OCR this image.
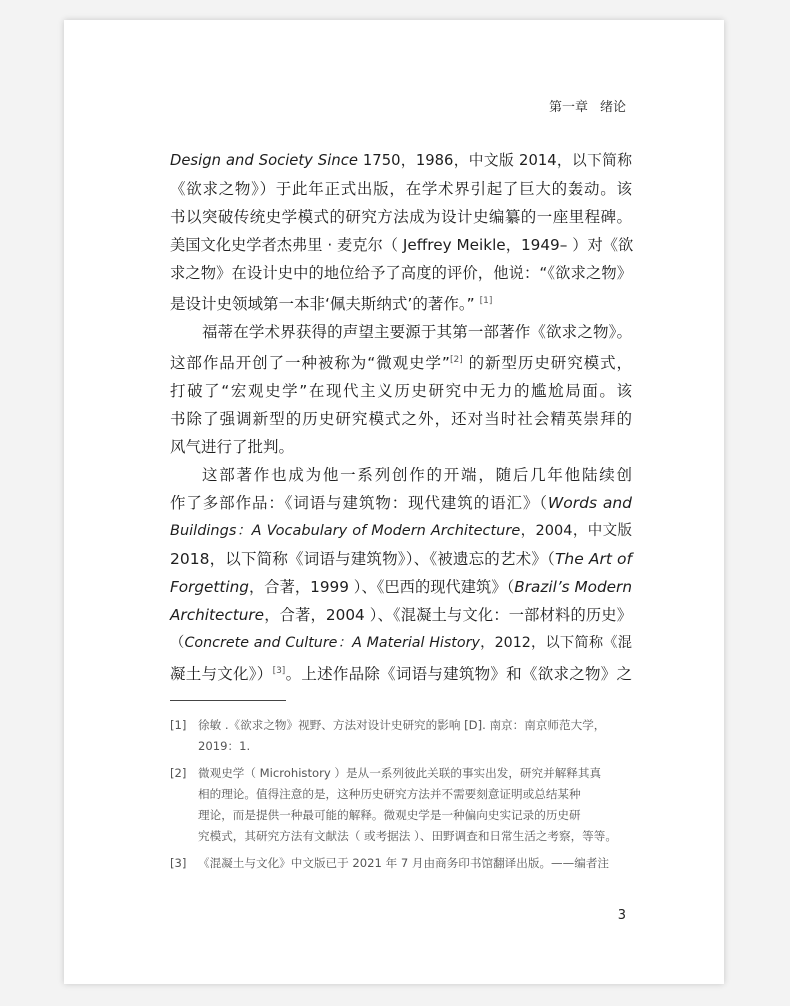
第一章 绪论

Design and Society Since 1750，1986，中文版 2014，以下简称
《欲求之物》）于此年正式出版，在学术界引起了巨大的轰动。该
书以突破传统史学模式的研究方法成为设计史编纂的一座里程碑。
美国文化史学者杰弗里 · 麦克尔（ Jeffrey Meikle，1949– ）对《欲
求之物》在设计史中的地位给予了高度的评价，他说：“《欲求之物》
是设计史领域第一本非‘佩夫斯纳式’的著作。” [1]

福蒂在学术界获得的声望主要源于其第一部著作《欲求之物》。
这部作品开创了一种被称为“微观史学”[2] 的新型历史研究模式，
打破了“宏观史学”在现代主义历史研究中无力的尴尬局面。该
书除了强调新型的历史研究模式之外，还对当时社会精英崇拜的
风气进行了批判。

这部著作也成为他一系列创作的开端，随后几年他陆续创
作了多部作品：《词语与建筑物：现代建筑的语汇》（Words and
Buildings：A Vocabulary of Modern Architecture，2004，中文版
2018，以下简称《词语与建筑物》）、《被遗忘的艺术》（The Art of
Forgetting，合著，1999 ）、《巴西的现代建筑》（Brazil’s Modern
Architecture，合著，2004 ）、《混凝土与文化：一部材料的历史》
（Concrete and Culture：A Material History，2012，以下简称《混
凝土与文化》）[3]。上述作品除《词语与建筑物》和《欲求之物》之

[1] 徐敏 .《欲求之物》视野、方法对设计史研究的影响 [D]. 南京：南京师范大学，
2019：1.
[2] 微观史学（ Microhistory ）是从一系列彼此关联的事实出发，研究并解释其真
相的理论。值得注意的是，这种历史研究方法并不需要刻意证明或总结某种
理论，而是提供一种最可能的解释。微观史学是一种偏向史实记录的历史研
究模式，其研究方法有文献法（ 或考据法 ）、田野调查和日常生活之考察，等等。
[3] 《混凝土与文化》中文版已于 2021 年 7 月由商务印书馆翻译出版。——编者注
3
